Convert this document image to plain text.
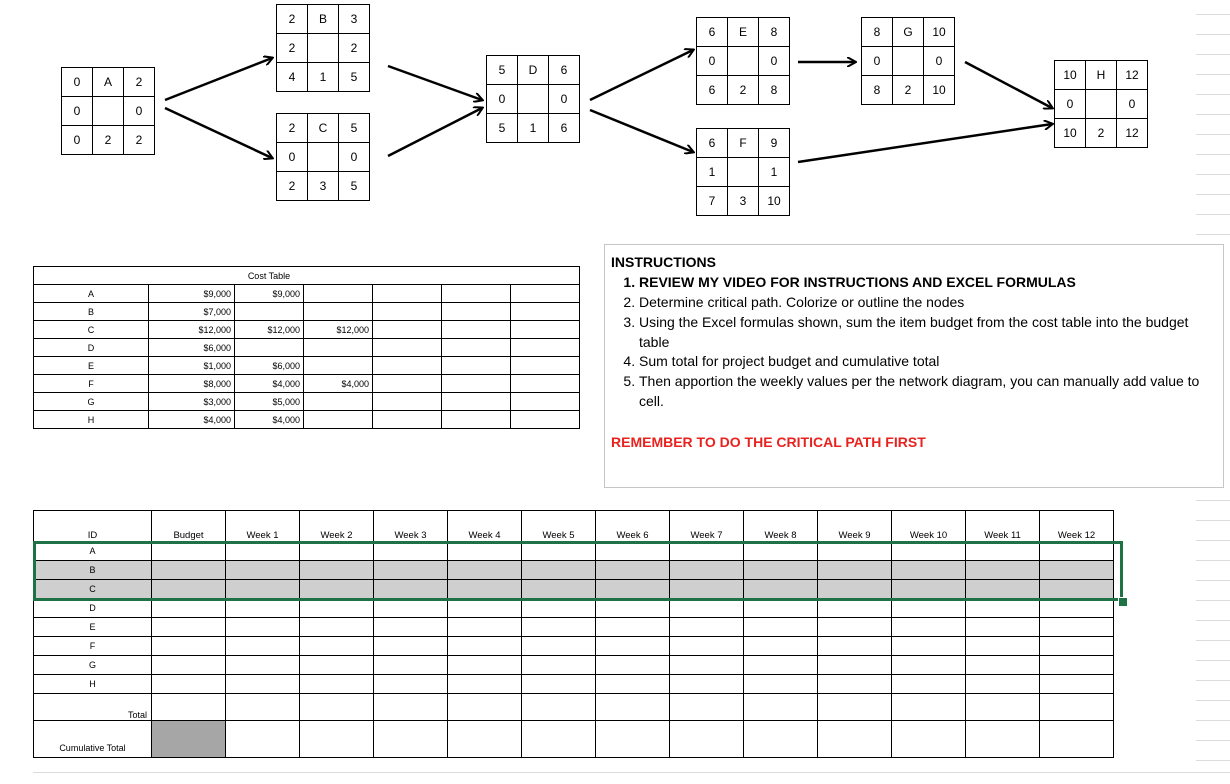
0	A	2
0		0
0	2	2
2	B	3
2		2
4	1	5
2	C	5
0		0
2	3	5
5	D	6
0		0
5	1	6
6	E	8
0		0
6	2	8
6	F	9
1		1
7	3	10
8	G	10
0		0
8	2	10
10	H	12
0		0
10	2	12
		Cost Table				
A	$9,000	$9,000				
B	$7,000					
C	$12,000	$12,000	$12,000			
D	$6,000					
E	$1,000	$6,000				
F	$8,000	$4,000	$4,000			
G	$3,000	$5,000				
H	$4,000	$4,000				
INSTRUCTIONS
1. REVIEW MY VIDEO FOR INSTRUCTIONS AND EXCEL FORMULAS
2. Determine critical path. Colorize or outline the nodes
3. Using the Excel formulas shown, sum the item budget from the cost table into the budget table
4. Sum total for project budget and cumulative total
5. Then apportion the weekly values per the network diagram, you can manually add value to cell.
REMEMBER TO DO THE CRITICAL PATH FIRST
ID	Budget	Week 1	Week 2	Week 3	Week 4	Week 5	Week 6	Week 7	Week 8	Week 9	Week 10	Week 11	Week 12
A													
B													
C													
D													
E													
F													
G													
H													
Total													
Cumulative Total													
